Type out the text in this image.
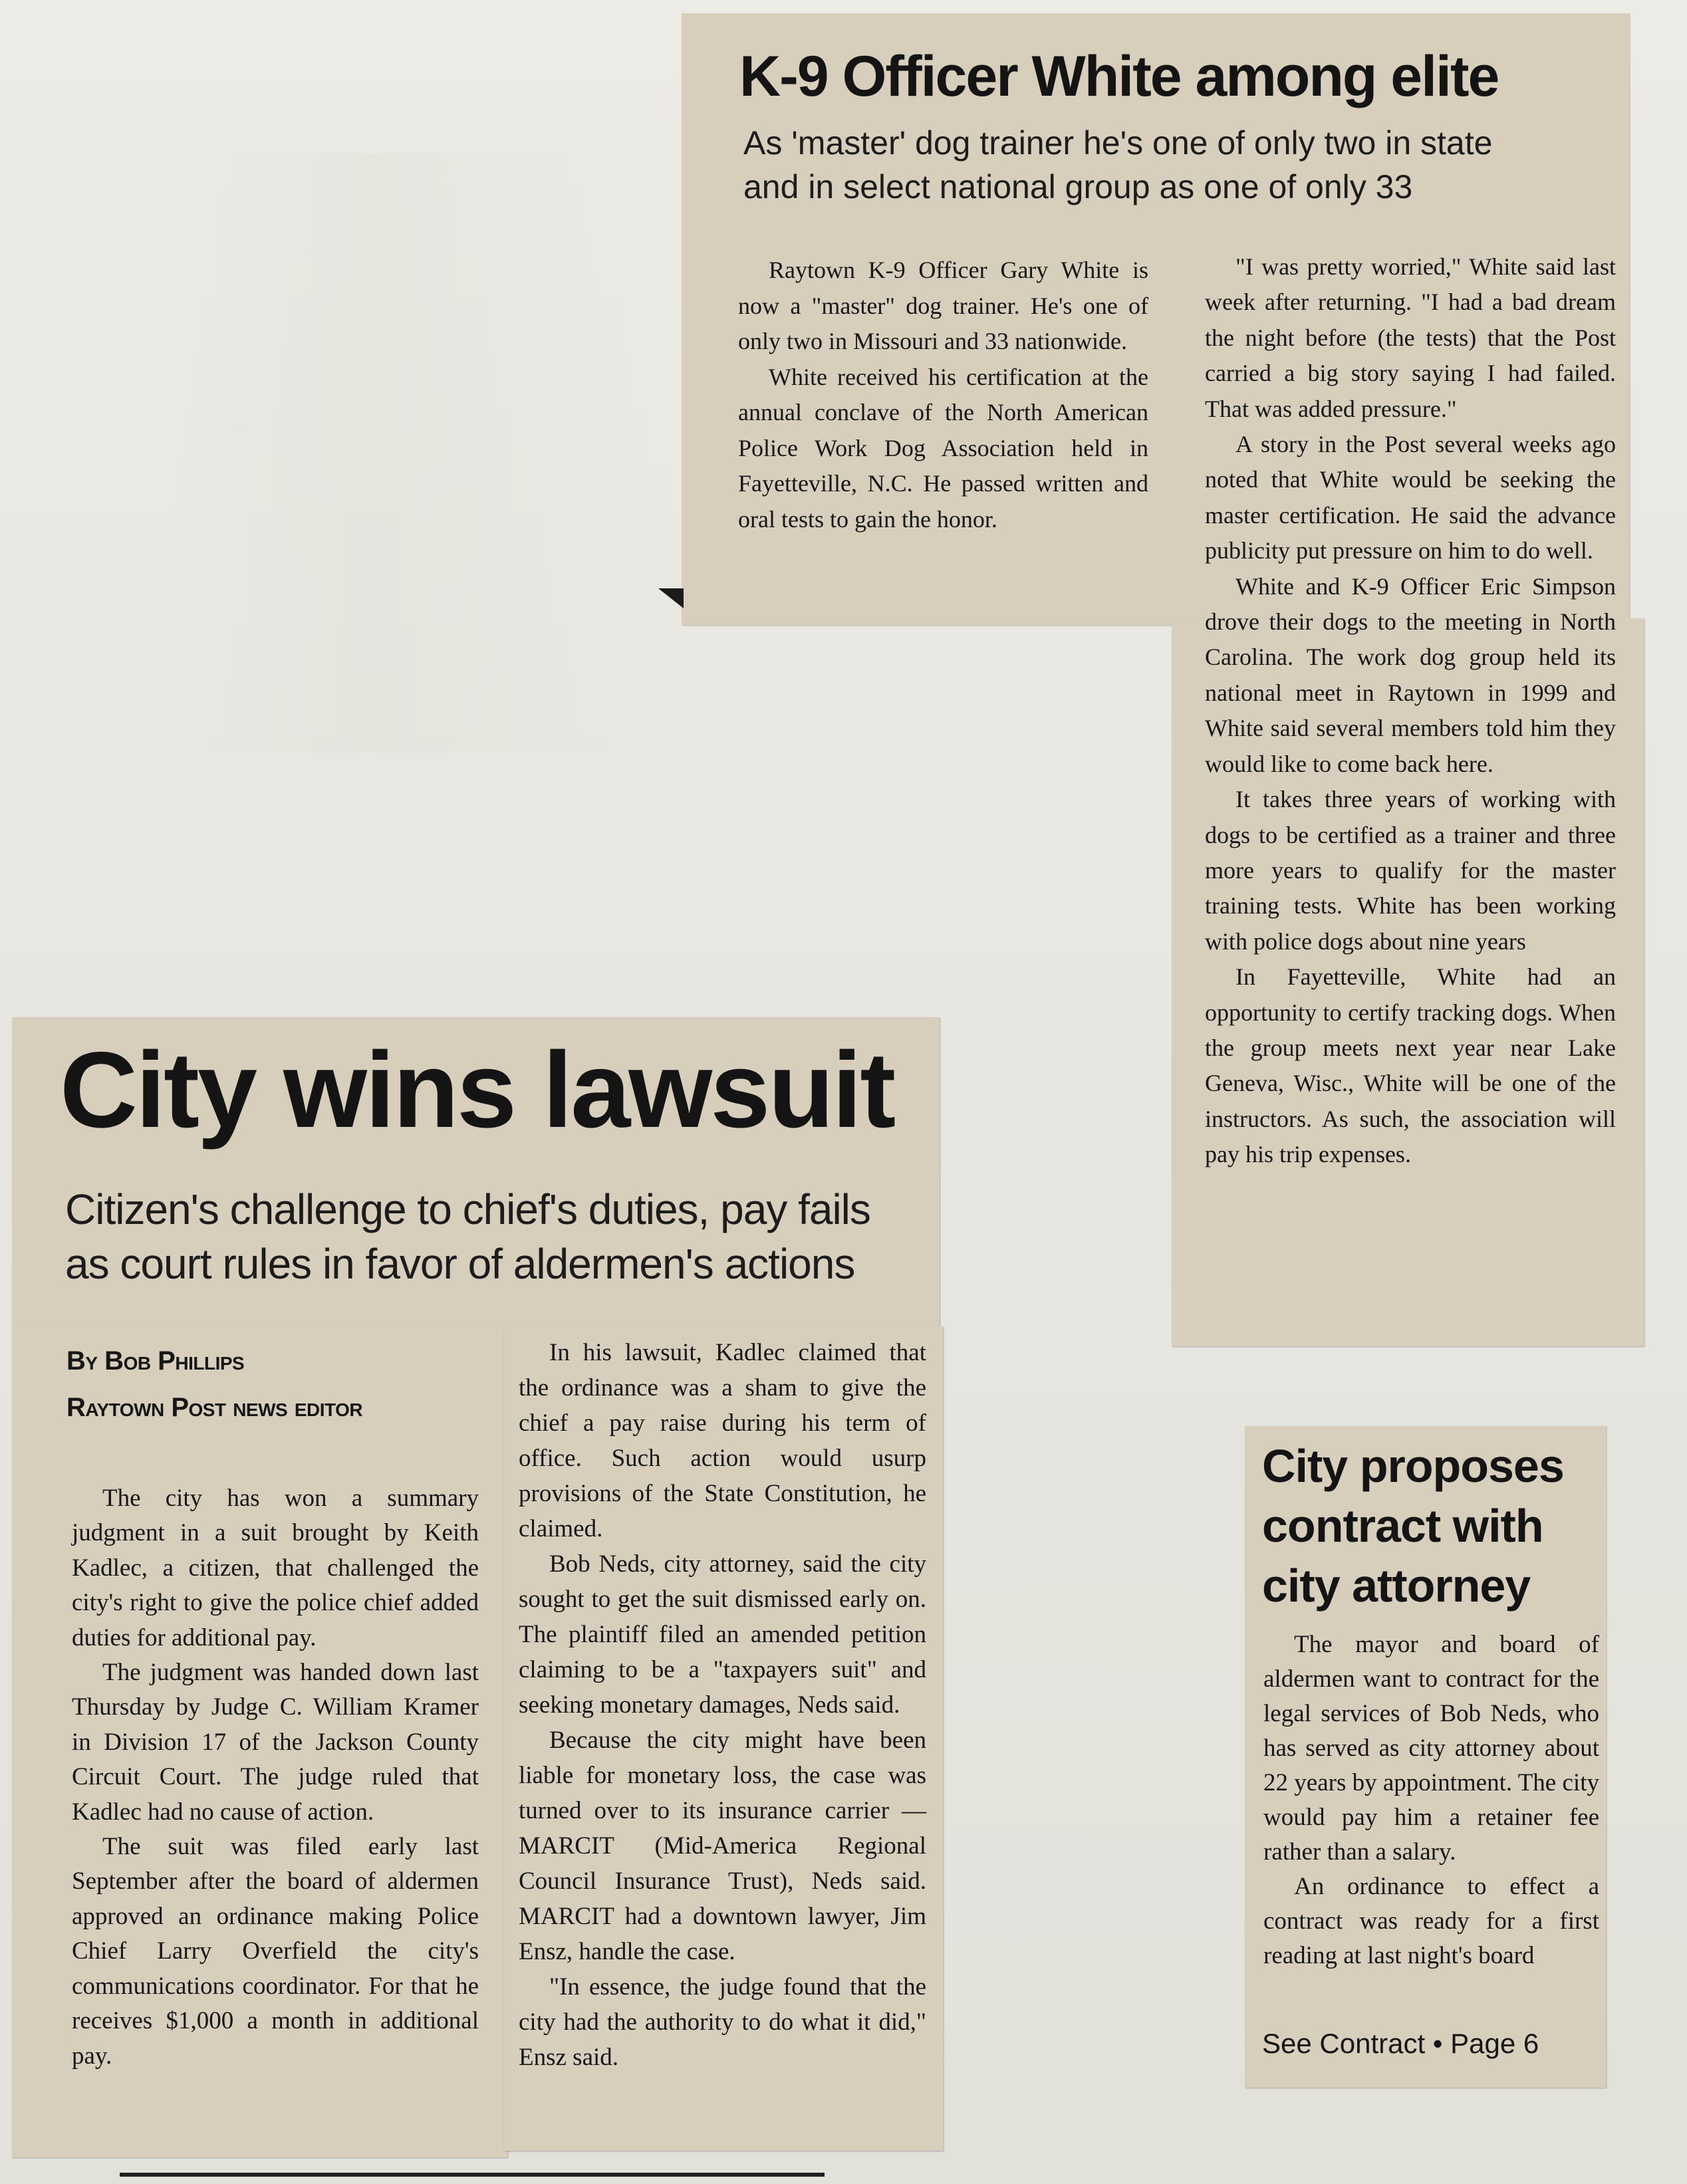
K-9 Officer White among elite
As 'master' dog trainer he's one of only two in state
and in select national group as one of only 33

Raytown K-9 Officer Gary White is now a "master" dog trainer. He's one of only two in Missouri and 33 nationwide.

White received his certification at the annual conclave of the North American Police Work Dog Association held in Fayetteville, N.C. He passed written and oral tests to gain the honor.

"I was pretty worried," White said last week after returning. "I had a bad dream the night before (the tests) that the Post carried a big story saying I had failed. That was added pressure."

A story in the Post several weeks ago noted that White would be seeking the master certification. He said the advance publicity put pressure on him to do well.

White and K-9 Officer Eric Simpson drove their dogs to the meeting in North Carolina. The work dog group held its national meet in Raytown in 1999 and White said several members told him they would like to come back here.

It takes three years of working with dogs to be certified as a trainer and three more years to qualify for the master training tests. White has been working with police dogs about nine years

In Fayetteville, White had an opportunity to certify tracking dogs. When the group meets next year near Lake Geneva, Wisc., White will be one of the instructors. As such, the association will pay his trip expenses.

City wins lawsuit
Citizen's challenge to chief's duties, pay fails
as court rules in favor of aldermen's actions
By Bob Phillips
Raytown Post news editor

The city has won a summary judgment in a suit brought by Keith Kadlec, a citizen, that challenged the city's right to give the police chief added duties for additional pay.

The judgment was handed down last Thursday by Judge C. William Kramer in Division 17 of the Jackson County Circuit Court. The judge ruled that Kadlec had no cause of action.

The suit was filed early last September after the board of aldermen approved an ordinance making Police Chief Larry Overfield the city's communications coordinator. For that he receives $1,000 a month in additional pay.

In his lawsuit, Kadlec claimed that the ordinance was a sham to give the chief a pay raise during his term of office. Such action would usurp provisions of the State Constitution, he claimed.

Bob Neds, city attorney, said the city sought to get the suit dismissed early on. The plaintiff filed an amended petition claiming to be a "taxpayers suit" and seeking monetary damages, Neds said.

Because the city might have been liable for monetary loss, the case was turned over to its insurance carrier — MARCIT (Mid-America Regional Council Insurance Trust), Neds said. MARCIT had a downtown lawyer, Jim Ensz, handle the case.

"In essence, the judge found that the city had the authority to do what it did," Ensz said.

City proposes
contract with
city attorney

The mayor and board of aldermen want to contract for the legal services of Bob Neds, who has served as city attorney about 22 years by appointment. The city would pay him a retainer fee rather than a salary.

An ordinance to effect a contract was ready for a first reading at last night's board

See Contract • Page 6
